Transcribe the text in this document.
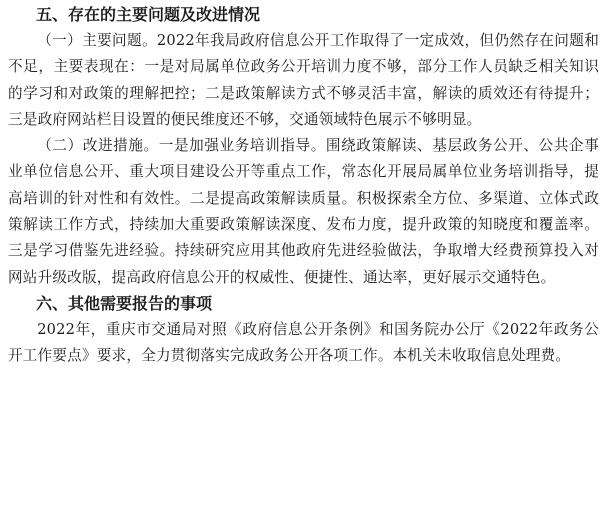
五、存在的主要问题及改进情况

（一）主要问题。2022年我局政府信息公开工作取得了一定成效，但仍然存在问题和不足，主要表现在：一是对局属单位政务公开培训力度不够，部分工作人员缺乏相关知识的学习和对政策的理解把控；二是政策解读方式不够灵活丰富，解读的质效还有待提升；三是政府网站栏目设置的便民维度还不够，交通领域特色展示不够明显。

（二）改进措施。一是加强业务培训指导。围绕政策解读、基层政务公开、公共企事业单位信息公开、重大项目建设公开等重点工作，常态化开展局属单位业务培训指导，提高培训的针对性和有效性。二是提高政策解读质量。积极探索全方位、多渠道、立体式政策解读工作方式，持续加大重要政策解读深度、发布力度，提升政策的知晓度和覆盖率。三是学习借鉴先进经验。持续研究应用其他政府先进经验做法，争取增大经费预算投入对网站升级改版，提高政府信息公开的权威性、便捷性、通达率，更好展示交通特色。

六、其他需要报告的事项

2022年，重庆市交通局对照《政府信息公开条例》和国务院办公厅《2022年政务公开工作要点》要求，全力贯彻落实完成政务公开各项工作。本机关未收取信息处理费。
